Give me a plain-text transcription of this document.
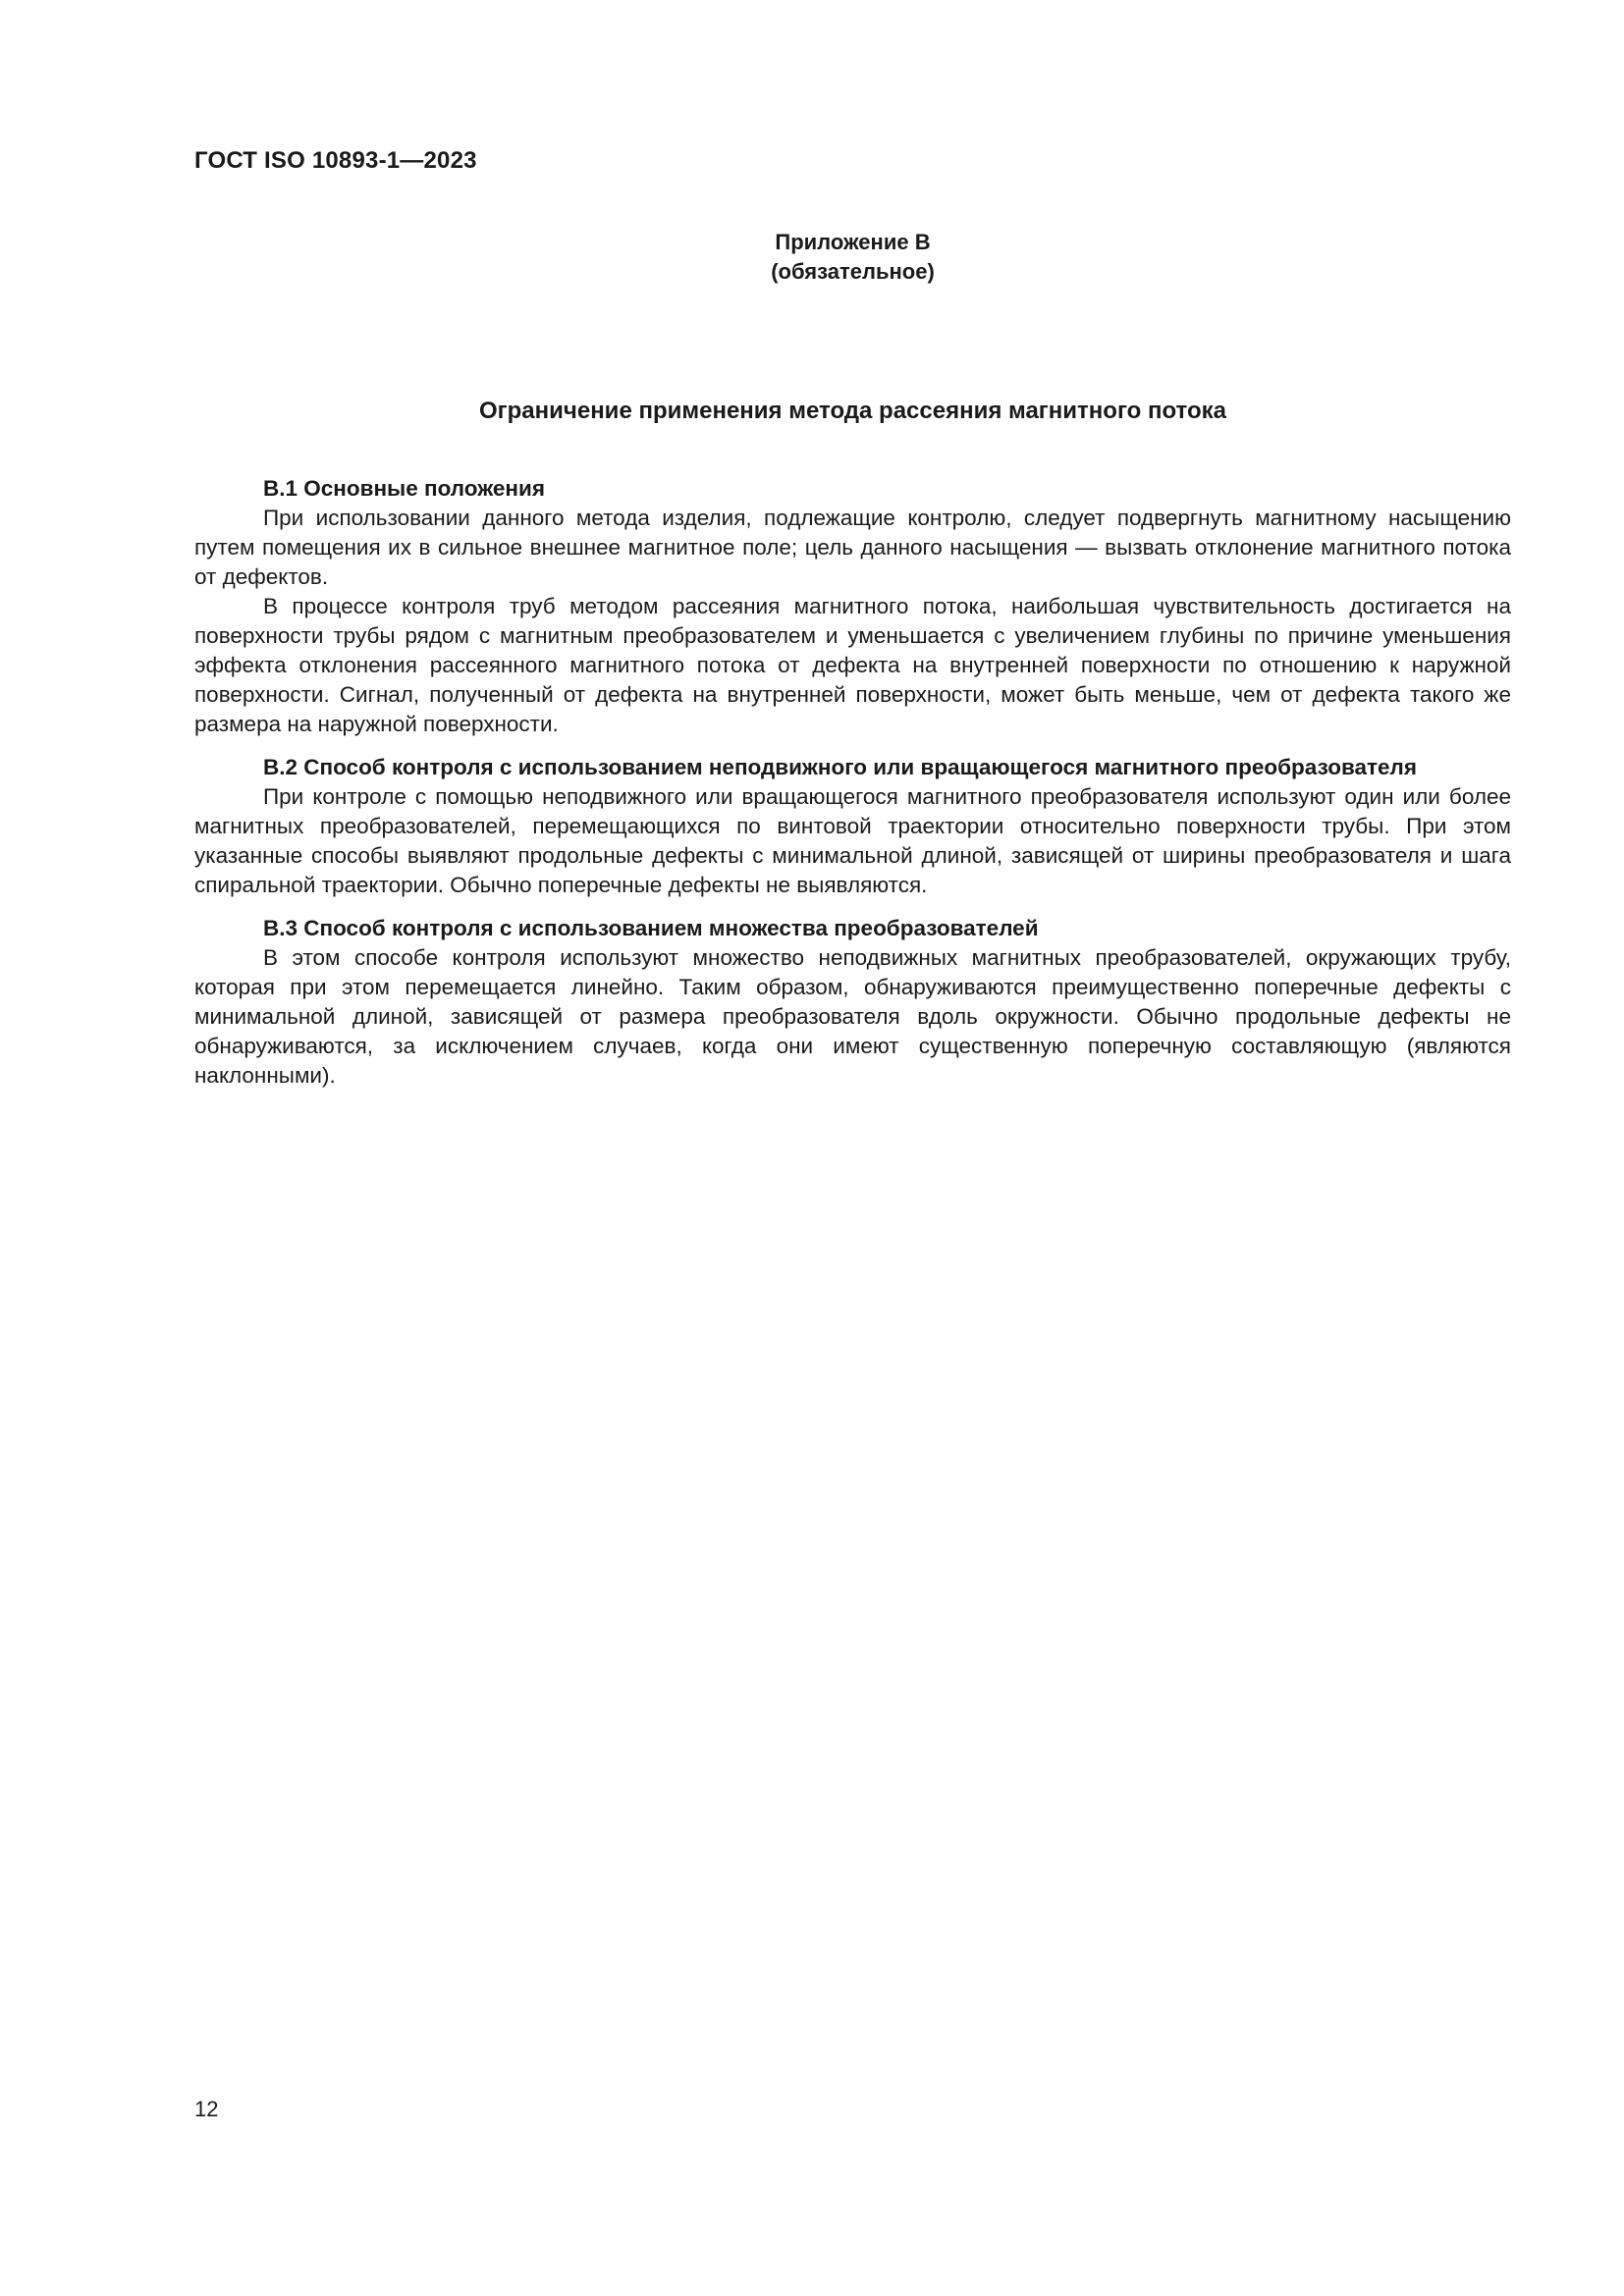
ГОСТ ISO 10893-1—2023

Приложение В
(обязательное)

Ограничение применения метода рассеяния магнитного потока

В.1 Основные положения

При использовании данного метода изделия, подлежащие контролю, следует подвергнуть магнитному насыщению путем помещения их в сильное внешнее магнитное поле; цель данного насыщения — вызвать отклонение магнитного потока от дефектов.

В процессе контроля труб методом рассеяния магнитного потока, наибольшая чувствительность достигается на поверхности трубы рядом с магнитным преобразователем и уменьшается с увеличением глубины по причине уменьшения эффекта отклонения рассеянного магнитного потока от дефекта на внутренней поверхности по отношению к наружной поверхности. Сигнал, полученный от дефекта на внутренней поверхности, может быть меньше, чем от дефекта такого же размера на наружной поверхности.

В.2 Способ контроля с использованием неподвижного или вращающегося магнитного преобразователя

При контроле с помощью неподвижного или вращающегося магнитного преобразователя используют один или более магнитных преобразователей, перемещающихся по винтовой траектории относительно поверхности трубы. При этом указанные способы выявляют продольные дефекты с минимальной длиной, зависящей от ширины преобразователя и шага спиральной траектории. Обычно поперечные дефекты не выявляются.

В.3 Способ контроля с использованием множества преобразователей

В этом способе контроля используют множество неподвижных магнитных преобразователей, окружающих трубу, которая при этом перемещается линейно. Таким образом, обнаруживаются преимущественно поперечные дефекты с минимальной длиной, зависящей от размера преобразователя вдоль окружности. Обычно продольные дефекты не обнаруживаются, за исключением случаев, когда они имеют существенную поперечную составляющую (являются наклонными).

12
